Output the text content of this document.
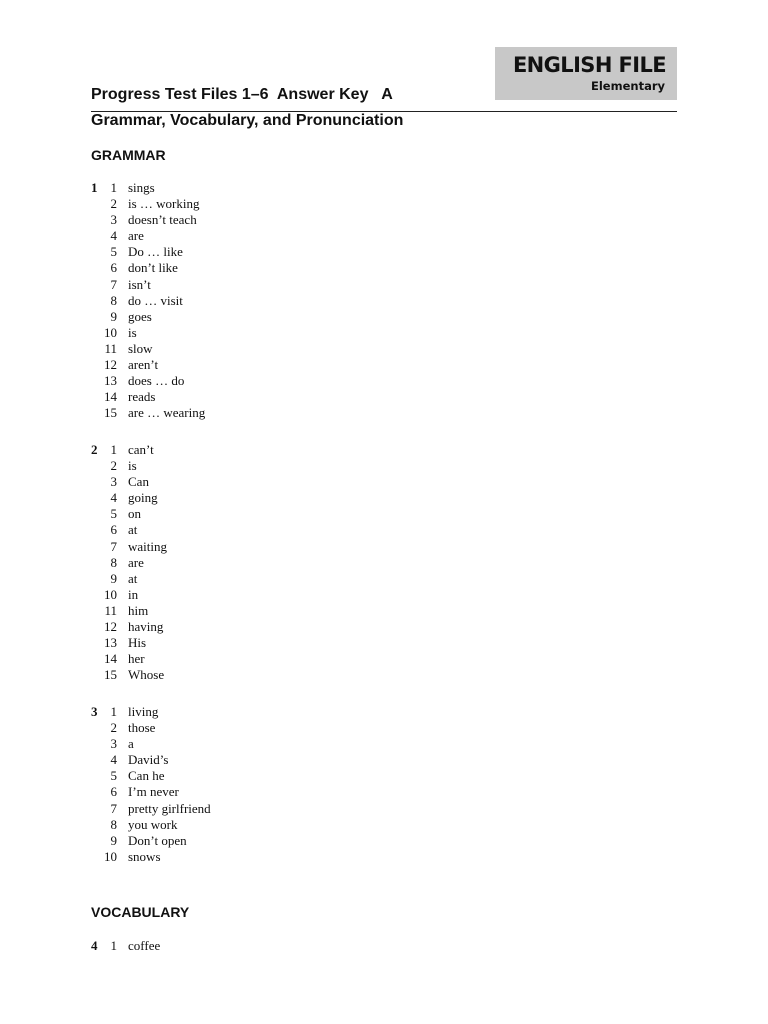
ENGLISH FILE
Elementary
Progress Test Files 1–6  Answer Key   A
Grammar, Vocabulary, and Pronunciation
GRAMMAR
1	1 sings
2 is … working
3 doesn’t teach
4 are
5 Do … like
6 don’t like
7 isn’t
8 do … visit
9 goes
10 is
11 slow
12 aren’t
13 does … do
14 reads
15 are … wearing
2	1 can’t
2 is
3 Can
4 going
5 on
6 at
7 waiting
8 are
9 at
10 in
11 him
12 having
13 His
14 her
15 Whose
3	1 living
2 those
3 a
4 David’s
5 Can he
6 I’m never
7 pretty girlfriend
8 you work
9 Don’t open
10 snows
VOCABULARY
4	1 coffee
